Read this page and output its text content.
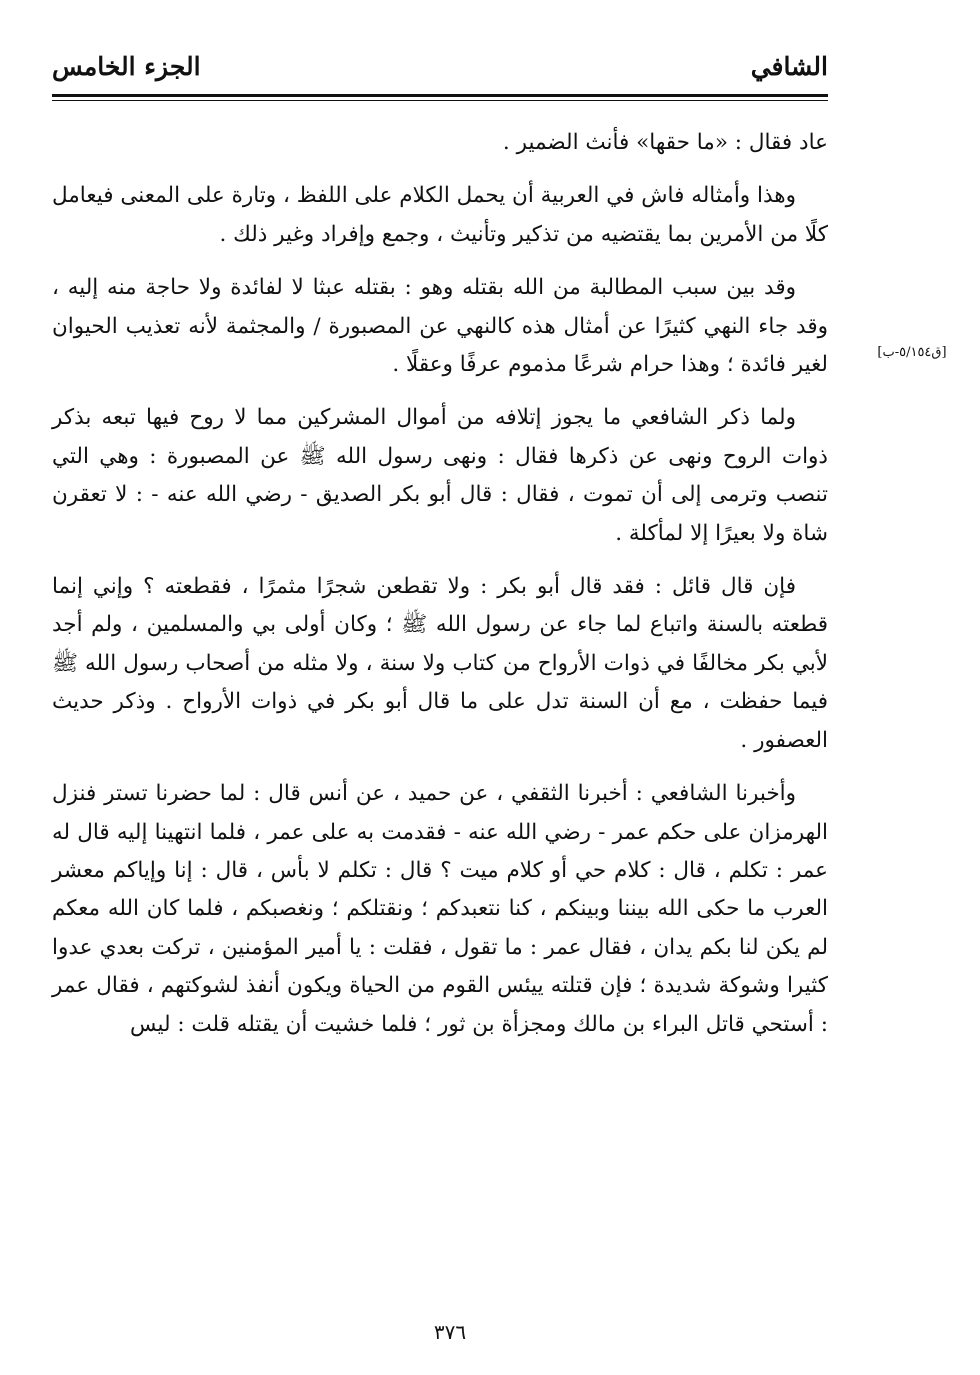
الشافي
الجزء الخامس
[ق٥/١٥٤-ب]

عاد فقال : «ما حقها» فأنث الضمير .

وهذا وأمثاله فاش في العربية أن يحمل الكلام على اللفظ ، وتارة على المعنى فيعامل كلًا من الأمرين بما يقتضيه من تذكير وتأنيث ، وجمع وإفراد وغير ذلك .

وقد بين سبب المطالبة من الله بقتله وهو : بقتله عبثا لا لفائدة ولا حاجة منه إليه ، وقد جاء النهي كثيرًا عن أمثال هذه كالنهي عن المصبورة / والمجثمة لأنه تعذيب الحيوان لغير فائدة ؛ وهذا حرام شرعًا مذموم عرفًا وعقلًا .

ولما ذكر الشافعي ما يجوز إتلافه من أموال المشركين مما لا روح فيها تبعه بذكر ذوات الروح ونهى عن ذكرها فقال : ونهى رسول الله ﷺ عن المصبورة : وهي التي تنصب وترمى إلى أن تموت ، فقال : قال أبو بكر الصديق - رضي الله عنه - : لا تعقرن شاة ولا بعيرًا إلا لمأكلة .

فإن قال قائل : فقد قال أبو بكر : ولا تقطعن شجرًا مثمرًا ، فقطعته ؟ وإني إنما قطعته بالسنة واتباع لما جاء عن رسول الله ﷺ ؛ وكان أولى بي والمسلمين ، ولم أجد لأبي بكر مخالفًا في ذوات الأرواح من كتاب ولا سنة ، ولا مثله من أصحاب رسول الله ﷺ فيما حفظت ، مع أن السنة تدل على ما قال أبو بكر في ذوات الأرواح . وذكر حديث العصفور .

وأخبرنا الشافعي : أخبرنا الثقفي ، عن حميد ، عن أنس قال : لما حضرنا تستر فنزل الهرمزان على حكم عمر - رضي الله عنه - فقدمت به على عمر ، فلما انتهينا إليه قال له عمر : تكلم ، قال : كلام حي أو كلام ميت ؟ قال : تكلم لا بأس ، قال : إنا وإياكم معشر العرب ما حكى الله بيننا وبينكم ، كنا نتعبدكم ؛ ونقتلكم ؛ ونغصبكم ، فلما كان الله معكم لم يكن لنا بكم يدان ، فقال عمر : ما تقول ، فقلت : يا أمير المؤمنين ، تركت بعدي عدوا كثيرا وشوكة شديدة ؛ فإن قتلته ييئس القوم من الحياة ويكون أنفذ لشوكتهم ، فقال عمر : أستحي قاتل البراء بن مالك ومجزأة بن ثور ؛ فلما خشيت أن يقتله قلت : ليس

٣٧٦
